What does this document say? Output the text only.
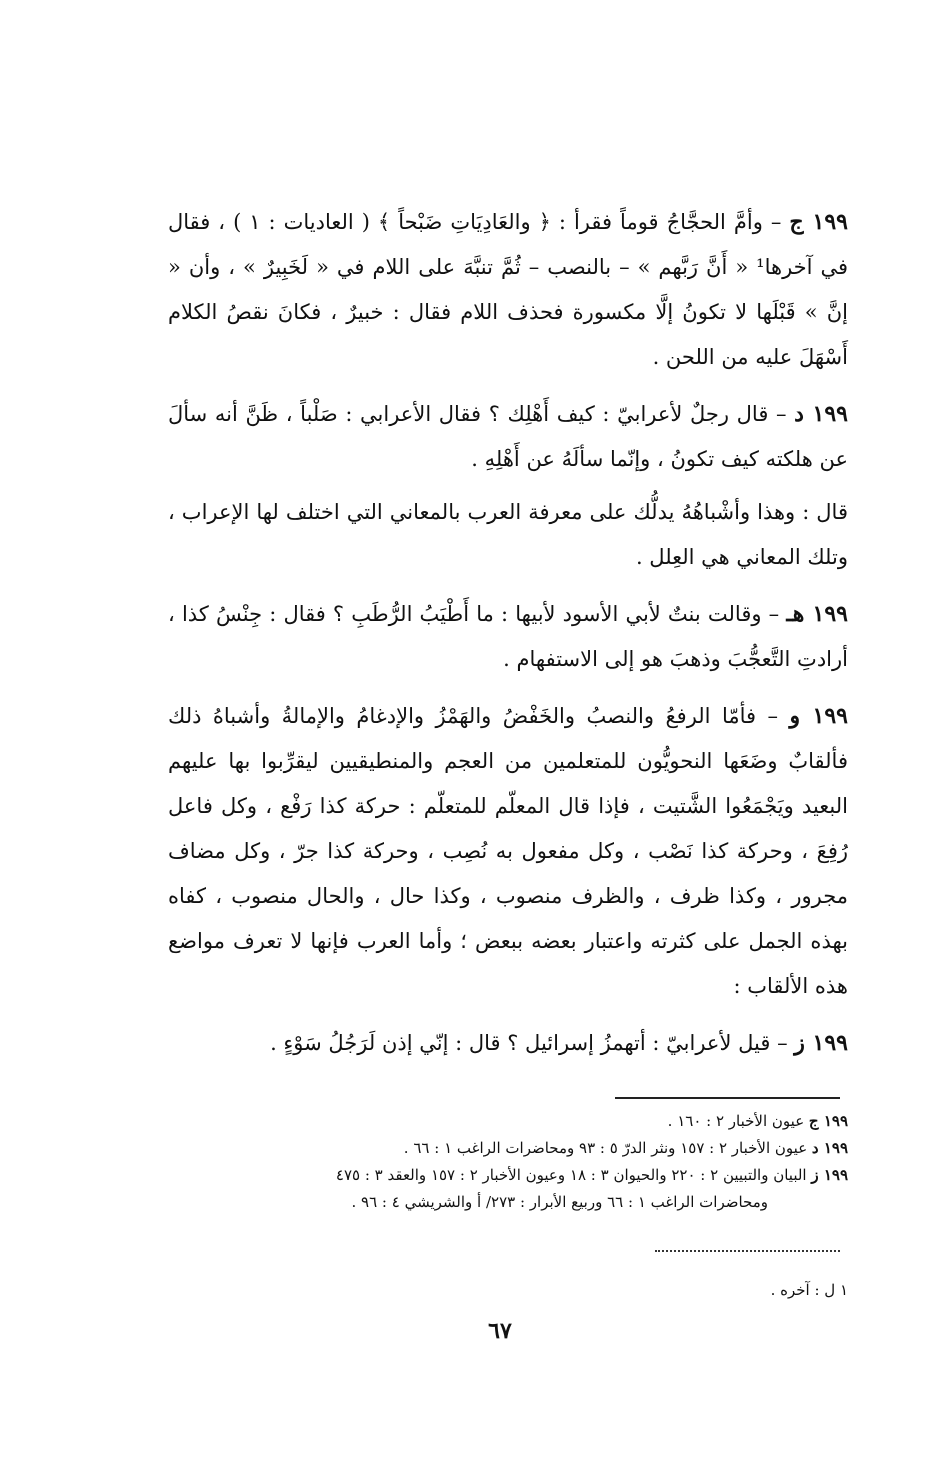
١٩٩ ج – وأمَّ الحجَّاجُ قوماً فقرأ : ﴿ والعَادِيَاتِ ضَبْحاً ﴾ ( العاديات : ١ ) ، فقال في آخرها¹ « أَنَّ رَبَّهم » – بالنصب – ثُمَّ تنبَّهَ على اللام في « لَخَبِيرٌ » ، وأن « إنَّ » قَبْلَها لا تكونُ إلَّا مكسورة فحذف اللام فقال : خبيرٌ ، فكانَ نقصُ الكلام أَسْهَلَ عليه من اللحن .

١٩٩ د – قال رجلٌ لأعرابيّ : كيف أَهْلِك ؟ فقال الأعرابي : صَلْباً ، ظَنَّ أنه سألَ عن هلكته كيف تكونُ ، وإنّما سألَهُ عن أَهْلِهِ .

قال : وهذا وأشْباهُهُ يدلُّك على معرفة العرب بالمعاني التي اختلف لها الإعراب ، وتلك المعاني هي العِلل .

١٩٩ هـ – وقالت بنتٌ لأبي الأسود لأبيها : ما أَطْيَبُ الرُّطَبِ ؟ فقال : جِنْسُ كذا ، أرادتِ التَّعجُّبَ وذهبَ هو إلى الاستفهام .

١٩٩ و – فأمّا الرفعُ والنصبُ والخَفْضُ والهَمْزُ والإدغامُ والإمالةُ وأشباهُ ذلك فألقابٌ وضَعَها النحويُّون للمتعلمين من العجم والمنطيقيين ليقرِّبوا بها عليهم البعيد ويَجْمَعُوا الشَّتيت ، فإذا قال المعلّم للمتعلّم : حركة كذا رَفْع ، وكل فاعل رُفِعَ ، وحركة كذا نَصْب ، وكل مفعول به نُصِب ، وحركة كذا جرّ ، وكل مضاف مجرور ، وكذا ظرف ، والظرف منصوب ، وكذا حال ، والحال منصوب ، كفاه بهذه الجمل على كثرته واعتبار بعضه ببعض ؛ وأما العرب فإنها لا تعرف مواضع هذه الألقاب :

١٩٩ ز – قيل لأعرابيّ : أتهمزُ إسرائيل ؟ قال : إنّي إذن لَرَجُلُ سَوْءٍ .

١٩٩ ج عيون الأخبار ٢ : ١٦٠ .

١٩٩ د عيون الأخبار ٢ : ١٥٧ ونثر الدرّ ٥ : ٩٣ ومحاضرات الراغب ١ : ٦٦ .

١٩٩ ز البيان والتبيين ٢ : ٢٢٠ والحيوان ٣ : ١٨ وعيون الأخبار ٢ : ١٥٧ والعقد ٣ : ٤٧٥

ومحاضرات الراغب ١ : ٦٦ وربيع الأبرار : ٢٧٣/ أ والشريشي ٤ : ٩٦ .

١ ل : آخره .

٦٧
